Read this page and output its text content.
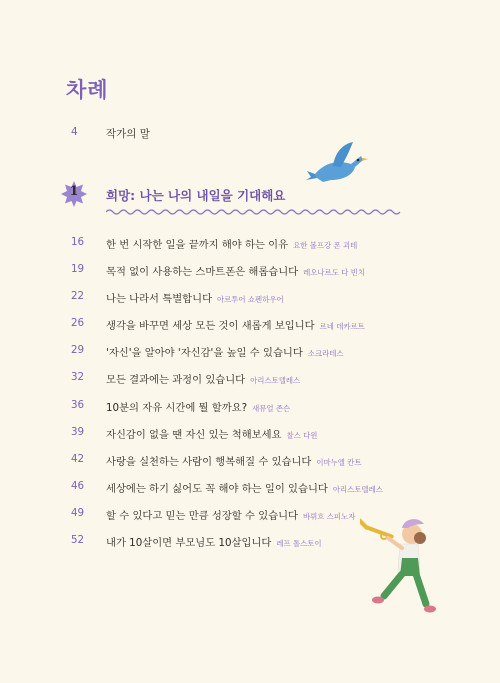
차례
4	작가의 말
1	희망: 나는 나의 내일을 기대해요
16 한 번 시작한 일을 끝까지 해야 하는 이유 요한 볼프강 폰 괴테
19 목적 없이 사용하는 스마트폰은 해롭습니다 레오나르도 다 빈치
22 나는 나라서 특별합니다 아르투어 쇼펜하우어
26 생각을 바꾸면 세상 모든 것이 새롭게 보입니다 르네 데카르트
29 '자신'을 알아야 '자신감'을 높일 수 있습니다 소크라테스
32 모든 결과에는 과정이 있습니다 아리스토텔레스
36 10분의 자유 시간에 뭘 할까요? 새뮤얼 존슨
39 자신감이 없을 땐 자신 있는 척해보세요 찰스 다윈
42 사랑을 실천하는 사람이 행복해질 수 있습니다 이마누엘 칸트
46 세상에는 하기 싫어도 꼭 해야 하는 일이 있습니다 아리스토텔레스
49 할 수 있다고 믿는 만큼 성장할 수 있습니다 바뤼흐 스피노자
52 내가 10살이면 부모님도 10살입니다 레프 톨스토이
